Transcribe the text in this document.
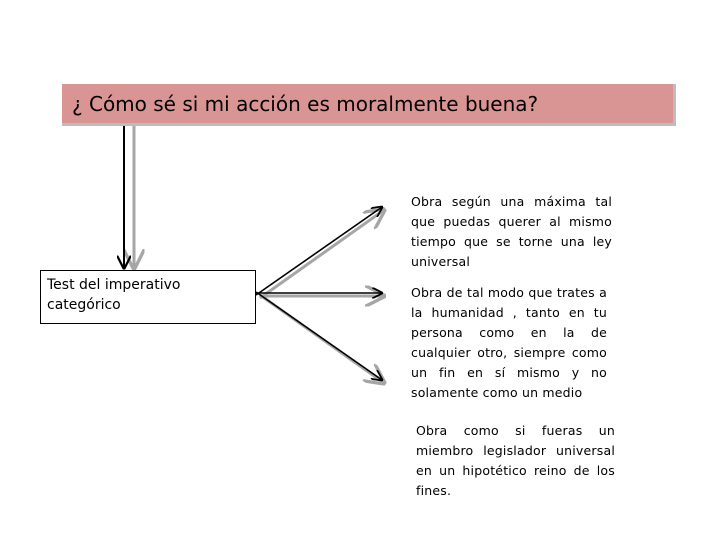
¿ Cómo sé si mi acción es moralmente buena?
Test del imperativo categórico
Obra según una máxima tal que puedas querer al mismo tiempo que se torne una ley universal
Obra de tal modo que trates a la humanidad , tanto en tu persona como en la de cualquier otro, siempre como un fin en sí mismo y no solamente como un medio
Obra como si fueras un miembro legislador universal en un hipotético reino de los fines.
